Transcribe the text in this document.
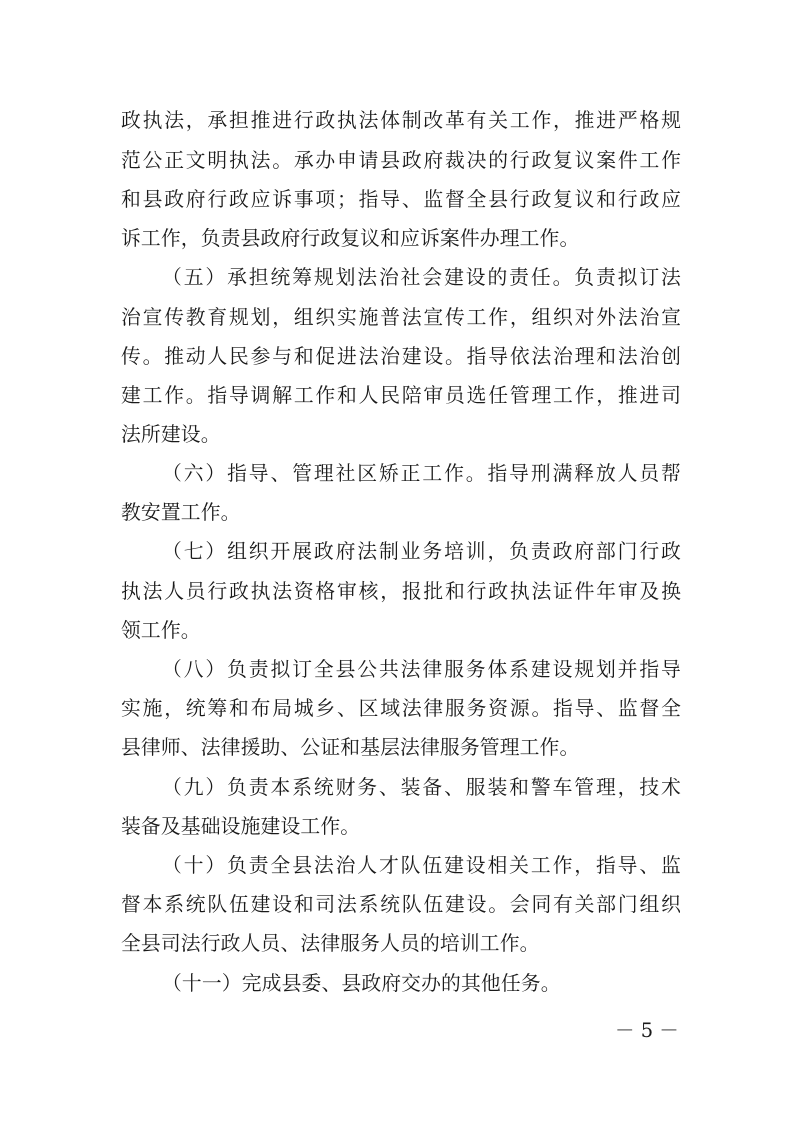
政执法，承担推进行政执法体制改革有关工作，推进严格规
范公正文明执法。承办申请县政府裁决的行政复议案件工作
和县政府行政应诉事项；指导、监督全县行政复议和行政应
诉工作，负责县政府行政复议和应诉案件办理工作。
（五）承担统筹规划法治社会建设的责任。负责拟订法
治宣传教育规划，组织实施普法宣传工作，组织对外法治宣
传。推动人民参与和促进法治建设。指导依法治理和法治创
建工作。指导调解工作和人民陪审员选任管理工作，推进司
法所建设。
（六）指导、管理社区矫正工作。指导刑满释放人员帮
教安置工作。
（七）组织开展政府法制业务培训，负责政府部门行政
执法人员行政执法资格审核，报批和行政执法证件年审及换
领工作。
（八）负责拟订全县公共法律服务体系建设规划并指导
实施，统筹和布局城乡、区域法律服务资源。指导、监督全
县律师、法律援助、公证和基层法律服务管理工作。
（九）负责本系统财务、装备、服装和警车管理，技术
装备及基础设施建设工作。
（十）负责全县法治人才队伍建设相关工作，指导、监
督本系统队伍建设和司法系统队伍建设。会同有关部门组织
全县司法行政人员、法律服务人员的培训工作。
（十一）完成县委、县政府交办的其他任务。
－ 5 －
